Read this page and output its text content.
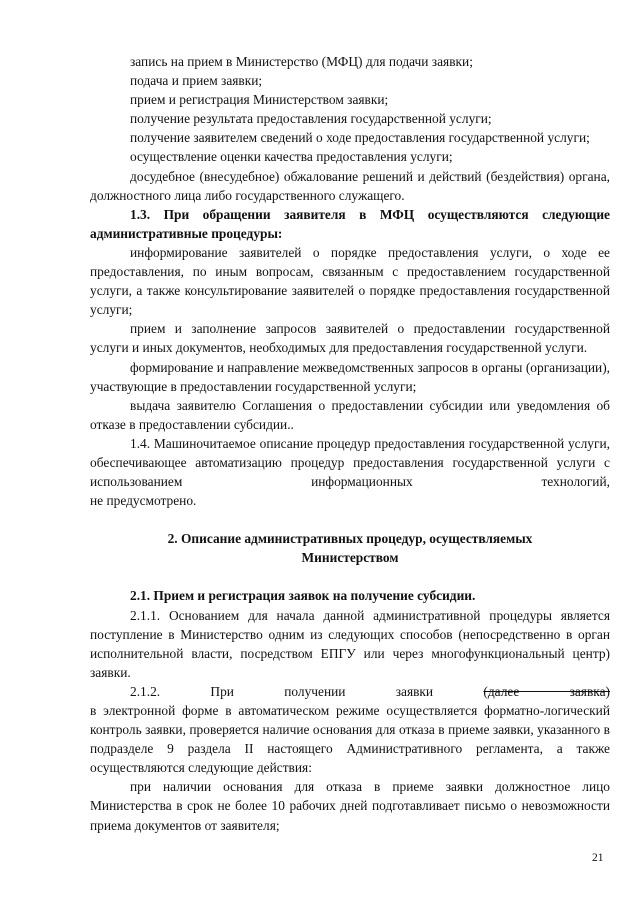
запись на прием в Министерство (МФЦ) для подачи заявки;

подача и прием заявки;

прием и регистрация Министерством заявки;

получение результата предоставления государственной услуги;

получение заявителем сведений о ходе предоставления государственной услуги;

осуществление оценки качества предоставления услуги;

досудебное (внесудебное) обжалование решений и действий (бездействия) органа, должностного лица либо государственного служащего.

1.3. При обращении заявителя в МФЦ осуществляются следующие административные процедуры:

информирование заявителей о порядке предоставления услуги, о ходе ее предоставления, по иным вопросам, связанным с предоставлением государственной услуги, а также консультирование заявителей о порядке предоставления государственной услуги;

прием и заполнение запросов заявителей о предоставлении государственной услуги и иных документов, необходимых для предоставления государственной услуги.

формирование и направление межведомственных запросов в органы (организации), участвующие в предоставлении государственной услуги;

выдача заявителю Соглашения о предоставлении субсидии или уведомления об отказе в предоставлении субсидии..

1.4. Машиночитаемое описание процедур предоставления государственной услуги, обеспечивающее автоматизацию процедур предоставления государственной услуги с использованием информационных технологий,

не предусмотрено.

2. Описание административных процедур, осуществляемых
Министерством

2.1. Прием и регистрация заявок на получение субсидии.

2.1.1. Основанием для начала данной административной процедуры является поступление в Министерство одним из следующих способов (непосредственно в орган исполнительной власти, посредством ЕПГУ или через многофункциональный центр) заявки.

2.1.2. При получении заявки	(далее заявка)

в электронной форме в автоматическом режиме осуществляется форматно-логический контроль заявки, проверяется наличие основания для отказа в приеме заявки, указанного в подразделе 9 раздела II настоящего Административного регламента, а также осуществляются следующие действия:

при наличии основания для отказа в приеме заявки должностное лицо Министерства в срок не более 10 рабочих дней подготавливает письмо о невозможности приема документов от заявителя;

21
